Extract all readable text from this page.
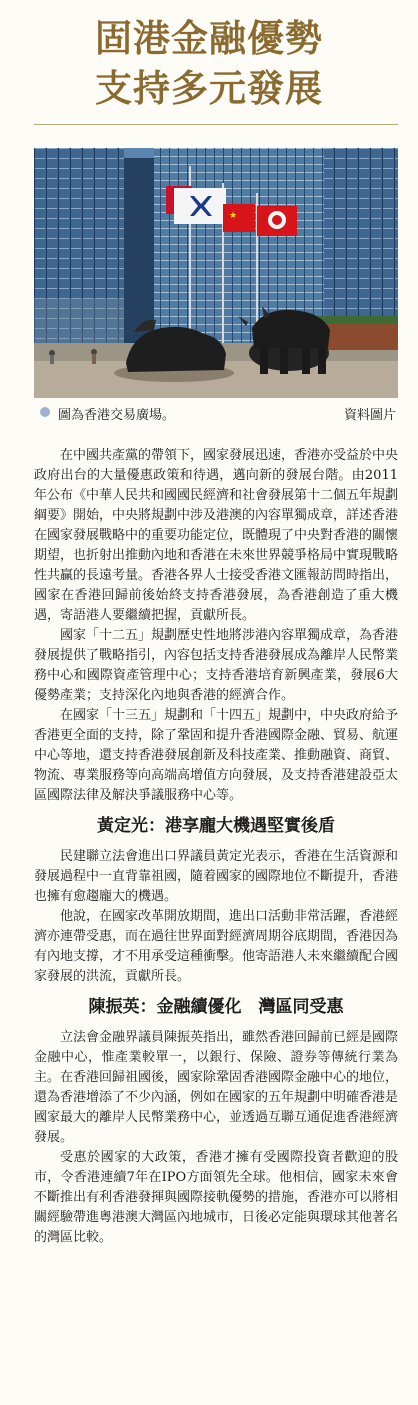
固港金融優勢
支持多元發展
★
圖為香港交易廣場。	資料圖片

在中國共產黨的帶領下，國家發展迅速，香港亦受益於中央政府出台的大量優惠政策和待遇，邁向新的發展台階。由2011年公布《中華人民共和國國民經濟和社會發展第十二個五年規劃綱要》開始，中央將規劃中涉及港澳的內容單獨成章，詳述香港在國家發展戰略中的重要功能定位，既體現了中央對香港的關懷期望，也折射出推動內地和香港在未來世界競爭格局中實現戰略性共贏的長遠考量。香港各界人士接受香港文匯報訪問時指出，國家在香港回歸前後始終支持香港發展，為香港創造了重大機遇，寄語港人要繼續把握，貢獻所長。

國家「十二五」規劃歷史性地將涉港內容單獨成章，為香港發展提供了戰略指引，內容包括支持香港發展成為離岸人民幣業務中心和國際資產管理中心；支持香港培育新興產業，發展6大優勢產業；支持深化內地與香港的經濟合作。

在國家「十三五」規劃和「十四五」規劃中，中央政府給予香港更全面的支持，除了鞏固和提升香港國際金融、貿易、航運中心等地，還支持香港發展創新及科技產業、推動融資、商貿、物流、專業服務等向高端高增值方向發展，及支持香港建設亞太區國際法律及解決爭議服務中心等。

黃定光：港享龐大機遇堅實後盾

民建聯立法會進出口界議員黃定光表示，香港在生活資源和發展過程中一直背靠祖國，隨着國家的國際地位不斷提升，香港也擁有愈趨龐大的機遇。

他說，在國家改革開放期間，進出口活動非常活躍，香港經濟亦連帶受惠，而在過往世界面對經濟周期谷底期間，香港因為有內地支撐，才不用承受這種衝擊。他寄語港人未來繼續配合國家發展的洪流，貢獻所長。

陳振英：金融續優化　灣區同受惠

立法會金融界議員陳振英指出，雖然香港回歸前已經是國際金融中心，惟產業較單一，以銀行、保險、證券等傳統行業為主。在香港回歸祖國後，國家除鞏固香港國際金融中心的地位，還為香港增添了不少內涵，例如在國家的五年規劃中明確香港是國家最大的離岸人民幣業務中心，並透過互聯互通促進香港經濟發展。

受惠於國家的大政策，香港才擁有受國際投資者歡迎的股市，令香港連續7年在IPO方面領先全球。他相信，國家未來會不斷推出有利香港發揮與國際接軌優勢的措施，香港亦可以將相關經驗帶進粵港澳大灣區內地城市，日後必定能與環球其他著名的灣區比較。
